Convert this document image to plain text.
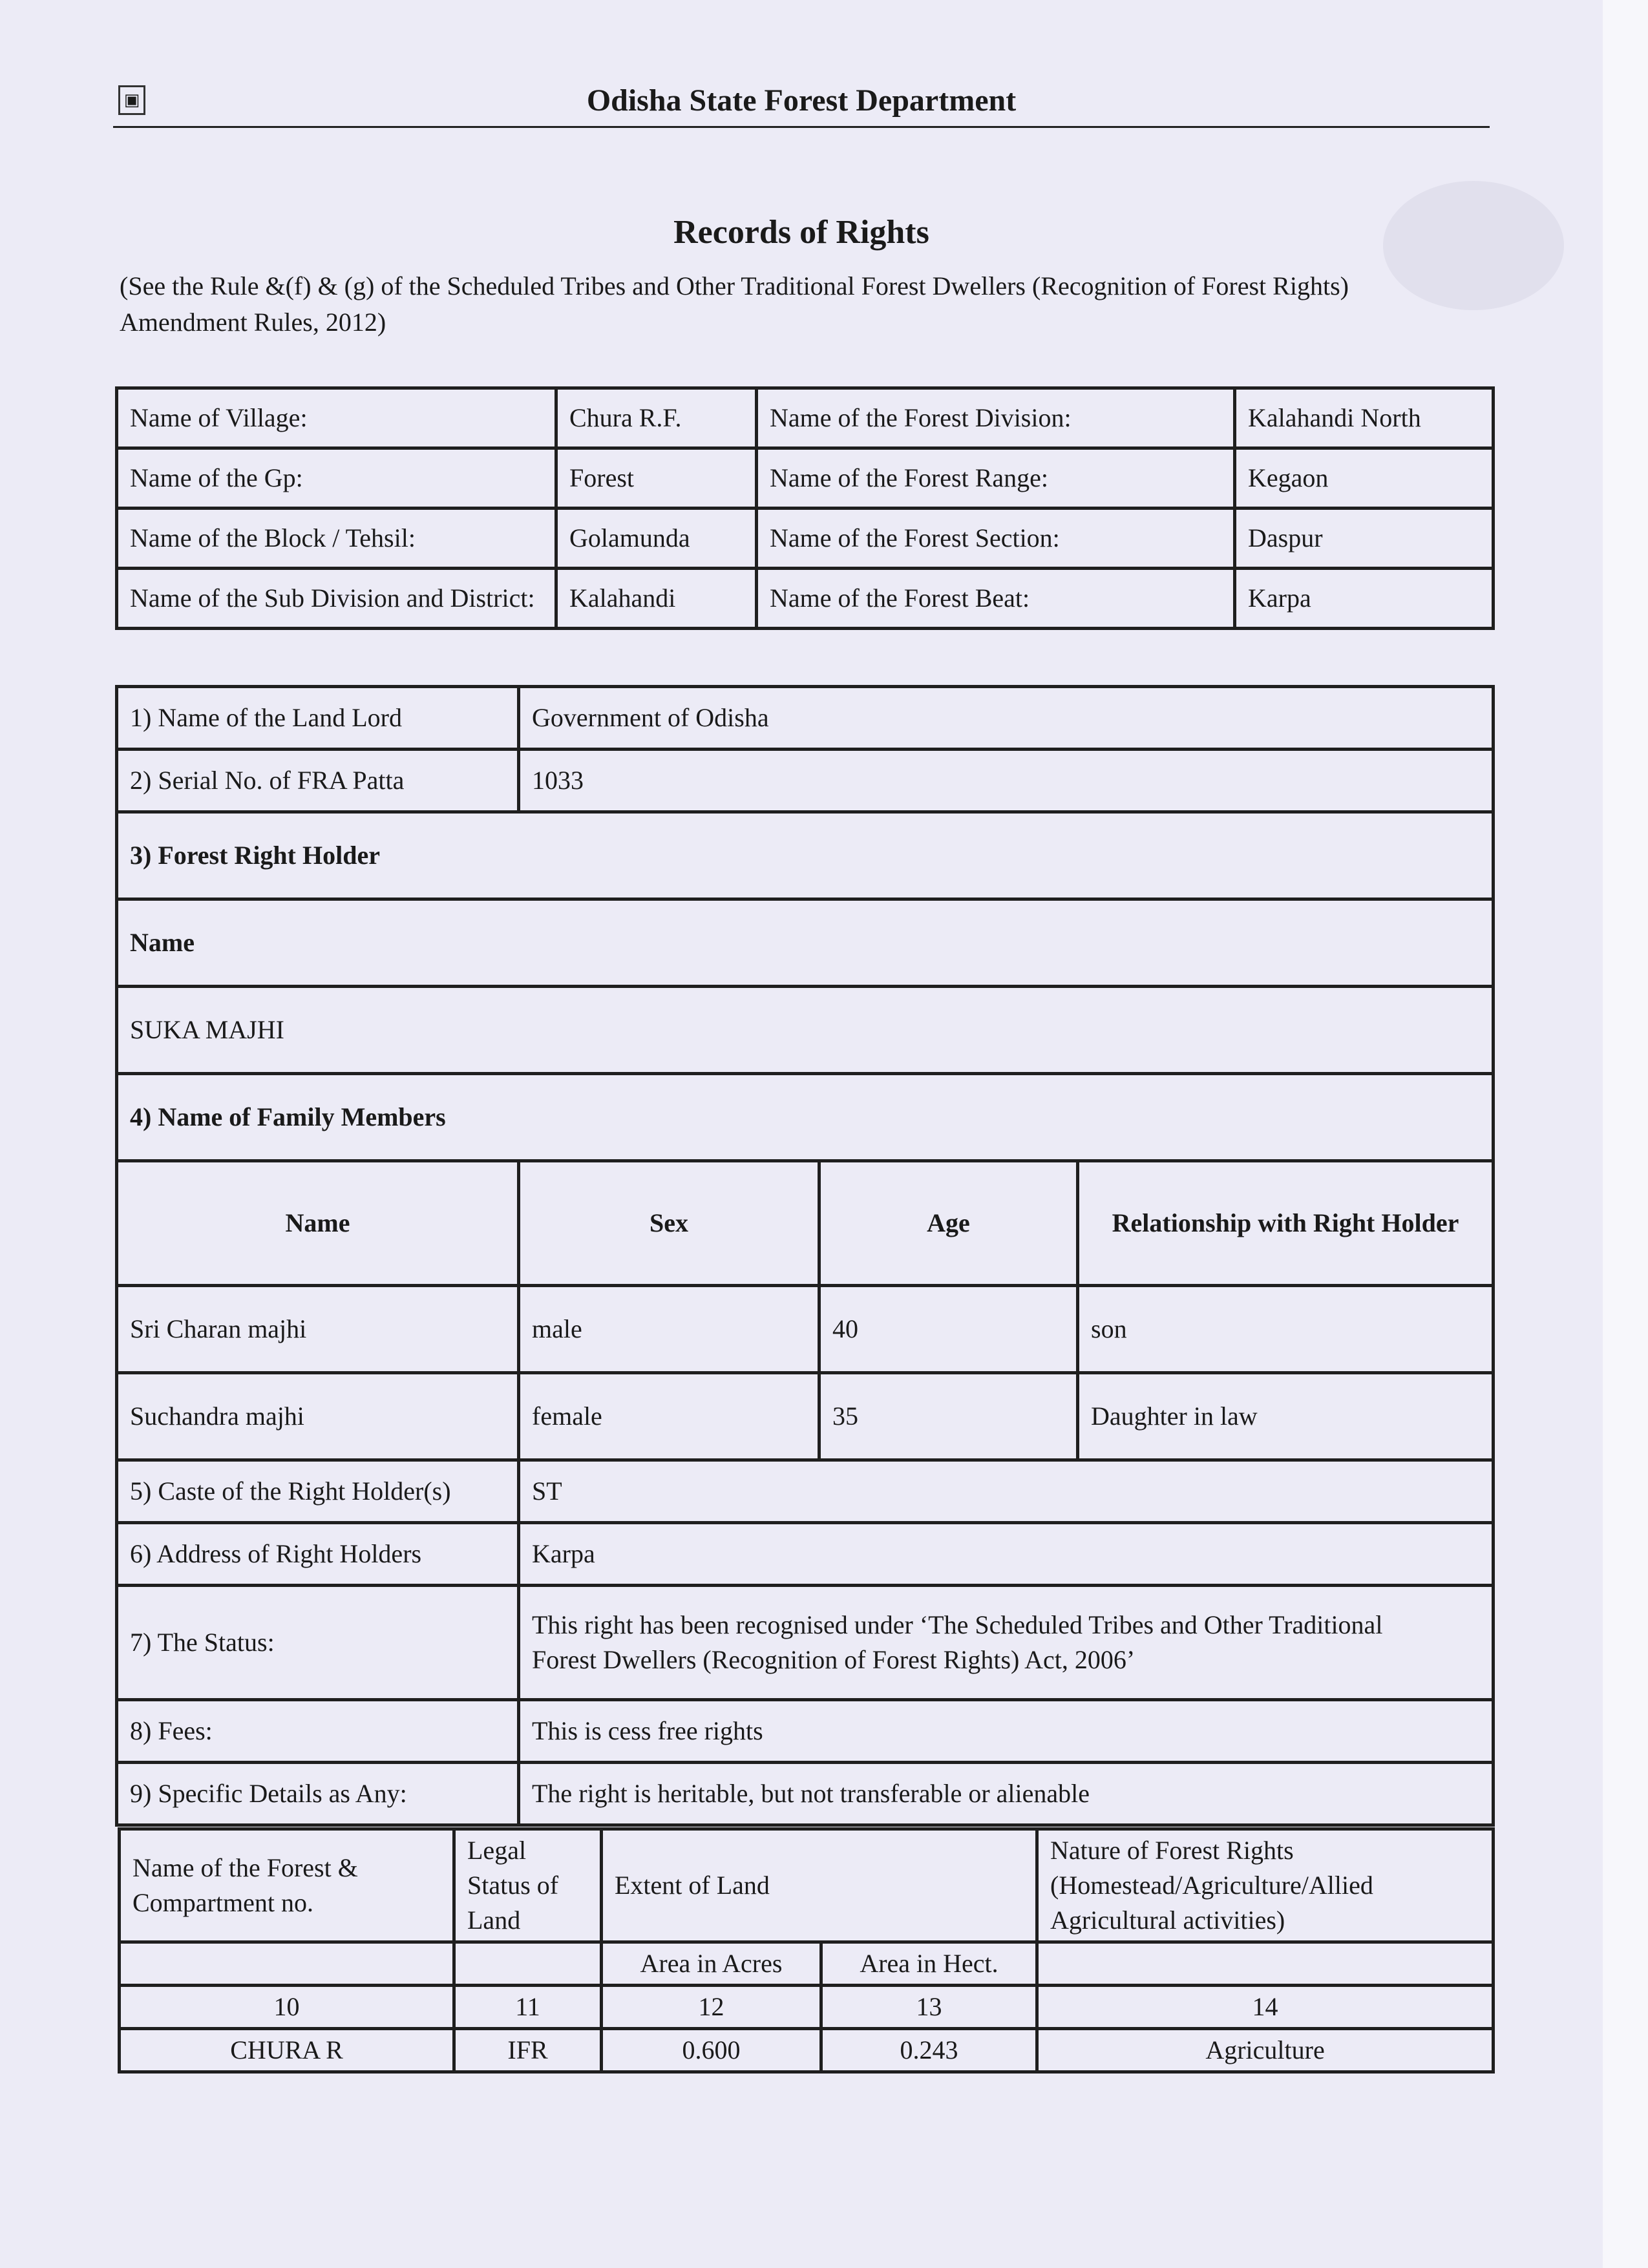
▣	Odisha State Forest Department
Records of Rights
(See the Rule &(f) & (g) of the Scheduled Tribes and Other Traditional Forest Dwellers (Recognition of Forest Rights) Amendment Rules, 2012)
Name of Village:	Chura R.F.	Name of the Forest Division:	Kalahandi North
Name of the Gp:	Forest	Name of the Forest Range:	Kegaon
Name of the Block / Tehsil:	Golamunda	Name of the Forest Section:	Daspur
Name of the Sub Division and District:	Kalahandi	Name of the Forest Beat:	Karpa
1) Name of the Land Lord	Government of Odisha		
2) Serial No. of FRA Patta	1033		
3) Forest Right Holder			
Name			
SUKA MAJHI			
4) Name of Family Members			
Name	Sex	Age	Relationship with Right Holder
Sri Charan majhi	male	40	son
Suchandra majhi	female	35	Daughter in law
5) Caste of the Right Holder(s)	ST		
6) Address of Right Holders	Karpa		
7) The Status:	This right has been recognised under ‘The Scheduled Tribes and Other Traditional
Forest Dwellers (Recognition of Forest Rights) Act, 2006’		

8) Fees:	This is cess free rights		
9) Specific Details as Any:	The right is heritable, but not transferable or alienable		
Name of the Forest & Compartment no.	Legal Status of Land	Extent of Land		Nature of Forest Rights (Homestead/Agriculture/Allied Agricultural activities)
		Area in Acres	Area in Hect.	
10	11	12	13	14
CHURA R	IFR	0.600	0.243	Agriculture
